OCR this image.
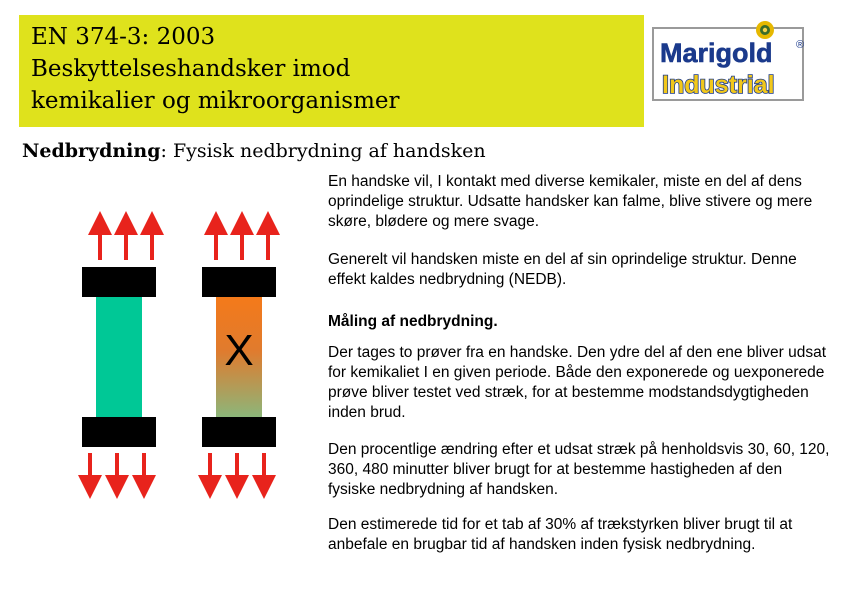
EN 374-3: 2003
Beskyttelseshandsker imod
kemikalier og mikroorganismer
Marigold ®
Industrial
Nedbrydning: Fysisk nedbrydning af handsken
X

En handske vil, I kontakt med diverse kemikaler, miste en del af dens oprindelige struktur. Udsatte handsker kan falme, blive stivere og mere skøre, blødere og mere svage.

Generelt vil handsken miste en del af sin oprindelige struktur. Denne effekt kaldes nedbrydning (NEDB).

Måling af nedbrydning.

Der tages to prøver fra en handske. Den ydre del af den ene bliver udsat for kemikaliet I en given periode. Både den exponerede og uexponerede prøve bliver testet ved stræk, for at bestemme modstandsdygtigheden inden brud.

Den procentlige ændring efter et udsat stræk på henholdsvis 30, 60, 120, 360, 480 minutter bliver brugt for at bestemme hastigheden af den fysiske nedbrydning af handsken.

Den estimerede tid for et tab af 30% af trækstyrken bliver brugt til at anbefale en brugbar tid af handsken inden fysisk nedbrydning.
